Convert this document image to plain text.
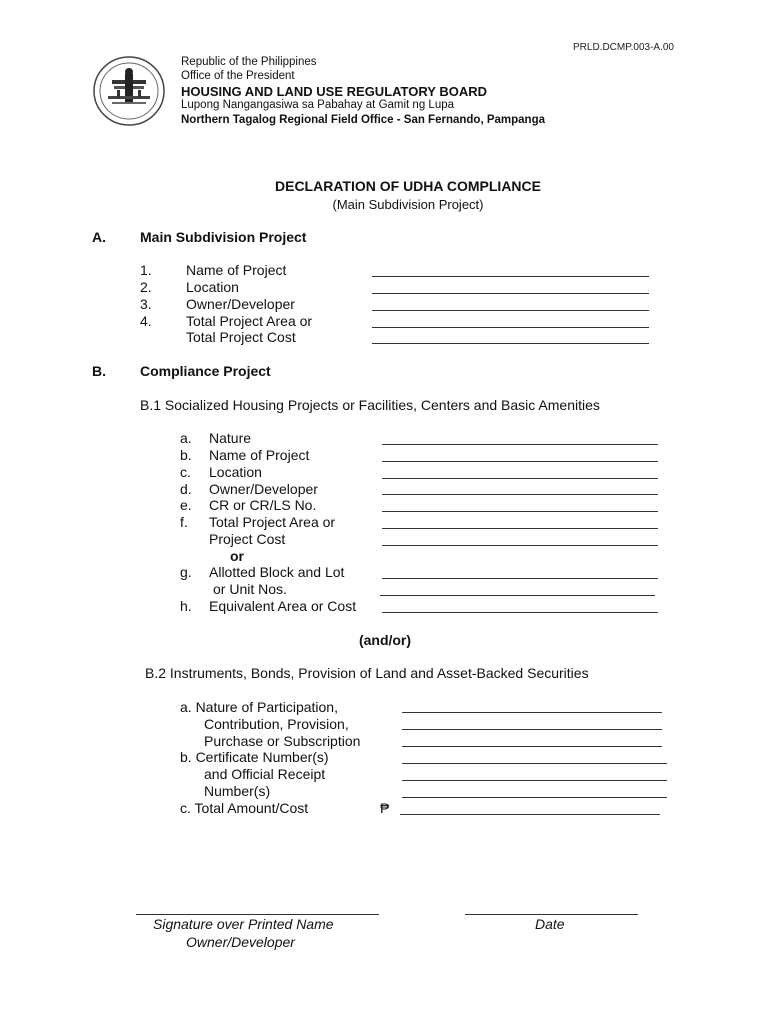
PRLD.DCMP.003-A.00
Republic of the Philippines
Office of the President
HOUSING AND LAND USE REGULATORY BOARD
Lupong Nangangasiwa sa Pabahay at Gamit ng Lupa
Northern Tagalog Regional Field Office - San Fernando, Pampanga
DECLARATION OF UDHA COMPLIANCE
(Main Subdivision Project)
A. Main Subdivision Project
1. Name of Project
2. Location
3. Owner/Developer
4. Total Project Area or
Total Project Cost
B. Compliance Project
B.1 Socialized Housing Projects or Facilities, Centers and Basic Amenities
a. Nature
b. Name of Project
c. Location
d. Owner/Developer
e. CR or CR/LS No.
f. Total Project Area or
Project Cost
or
g. Allotted Block and Lot
or Unit Nos.
h. Equivalent Area or Cost
(and/or)
B.2 Instruments, Bonds, Provision of Land and Asset-Backed Securities
a. Nature of Participation,
Contribution, Provision,
Purchase or Subscription
b. Certificate Number(s)
and Official Receipt
Number(s)
c. Total Amount/Cost	₱
Signature over Printed Name
Owner/Developer
Date
